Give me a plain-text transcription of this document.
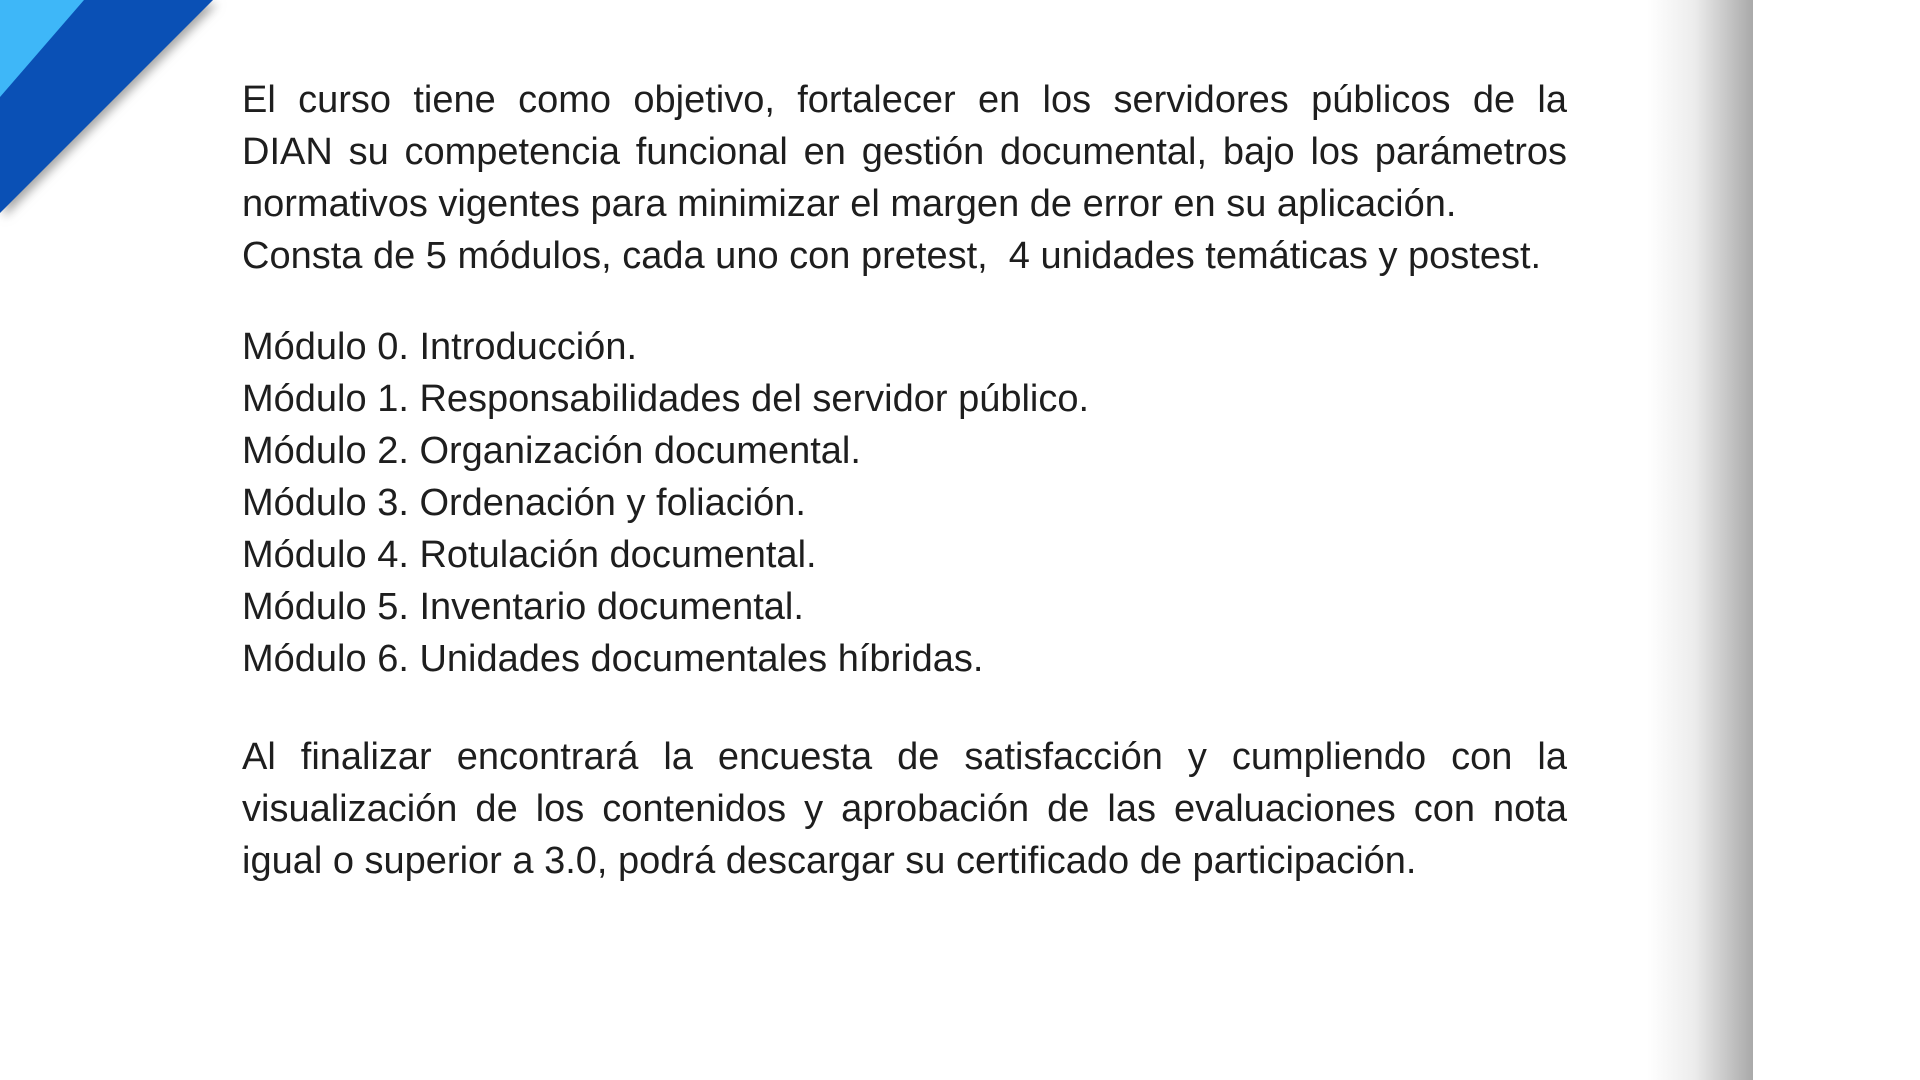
El curso tiene como objetivo, fortalecer en los servidores públicos de la
DIAN su competencia funcional en gestión documental, bajo los parámetros
normativos vigentes para minimizar el margen de error en su aplicación.
Consta de 5 módulos, cada uno con pretest,  4 unidades temáticas y postest.
Módulo 0. Introducción.
Módulo 1. Responsabilidades del servidor público.
Módulo 2. Organización documental.
Módulo 3. Ordenación y foliación.
Módulo 4. Rotulación documental.
Módulo 5. Inventario documental.
Módulo 6. Unidades documentales híbridas.
Al finalizar encontrará la encuesta de satisfacción y cumpliendo con la
visualización de los contenidos y aprobación de las evaluaciones con nota
igual o superior a 3.0, podrá descargar su certificado de participación.
